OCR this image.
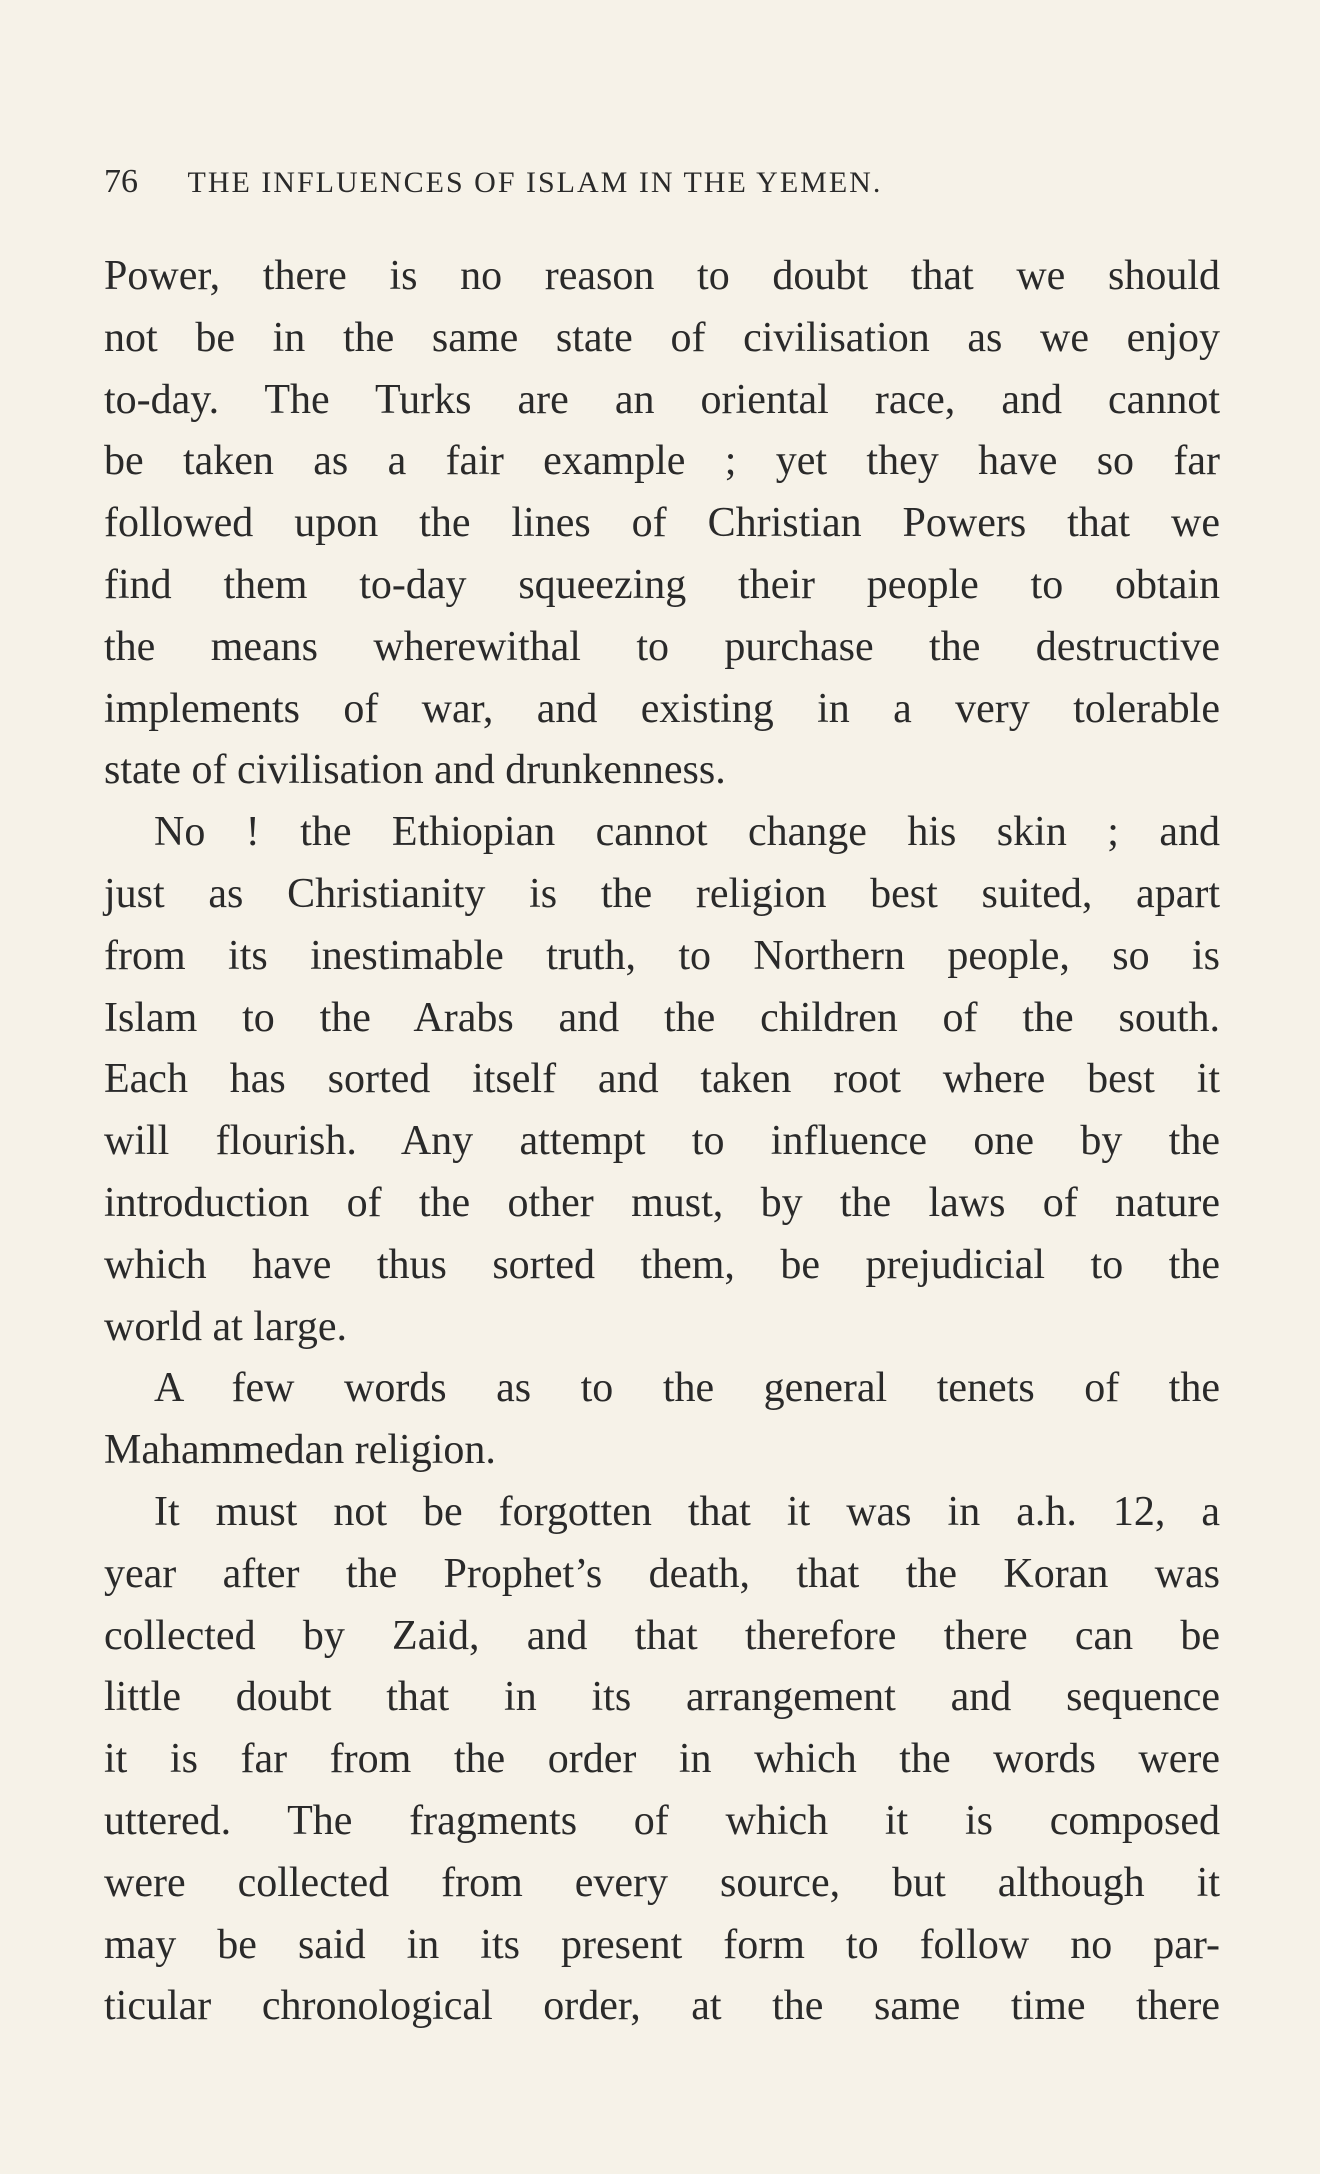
76 THE INFLUENCES OF ISLAM IN THE YEMEN.
Power, there is no reason to doubt that we should
not be in the same state of civilisation as we enjoy
to-day. The Turks are an oriental race, and cannot
be taken as a fair example ; yet they have so far
followed upon the lines of Christian Powers that we
find them to-day squeezing their people to obtain
the means wherewithal to purchase the destructive
implements of war, and existing in a very tolerable
state of civilisation and drunkenness.
No ! the Ethiopian cannot change his skin ; and
just as Christianity is the religion best suited, apart
from its inestimable truth, to Northern people, so is
Islam to the Arabs and the children of the south.
Each has sorted itself and taken root where best it
will flourish. Any attempt to influence one by the
introduction of the other must, by the laws of nature
which have thus sorted them, be prejudicial to the
world at large.
A few words as to the general tenets of the
Mahammedan religion.
It must not be forgotten that it was in a.h. 12, a
year after the Prophet’s death, that the Koran was
collected by Zaid, and that therefore there can be
little doubt that in its arrangement and sequence
it is far from the order in which the words were
uttered. The fragments of which it is composed
were collected from every source, but although it
may be said in its present form to follow no par-
ticular chronological order, at the same time there
